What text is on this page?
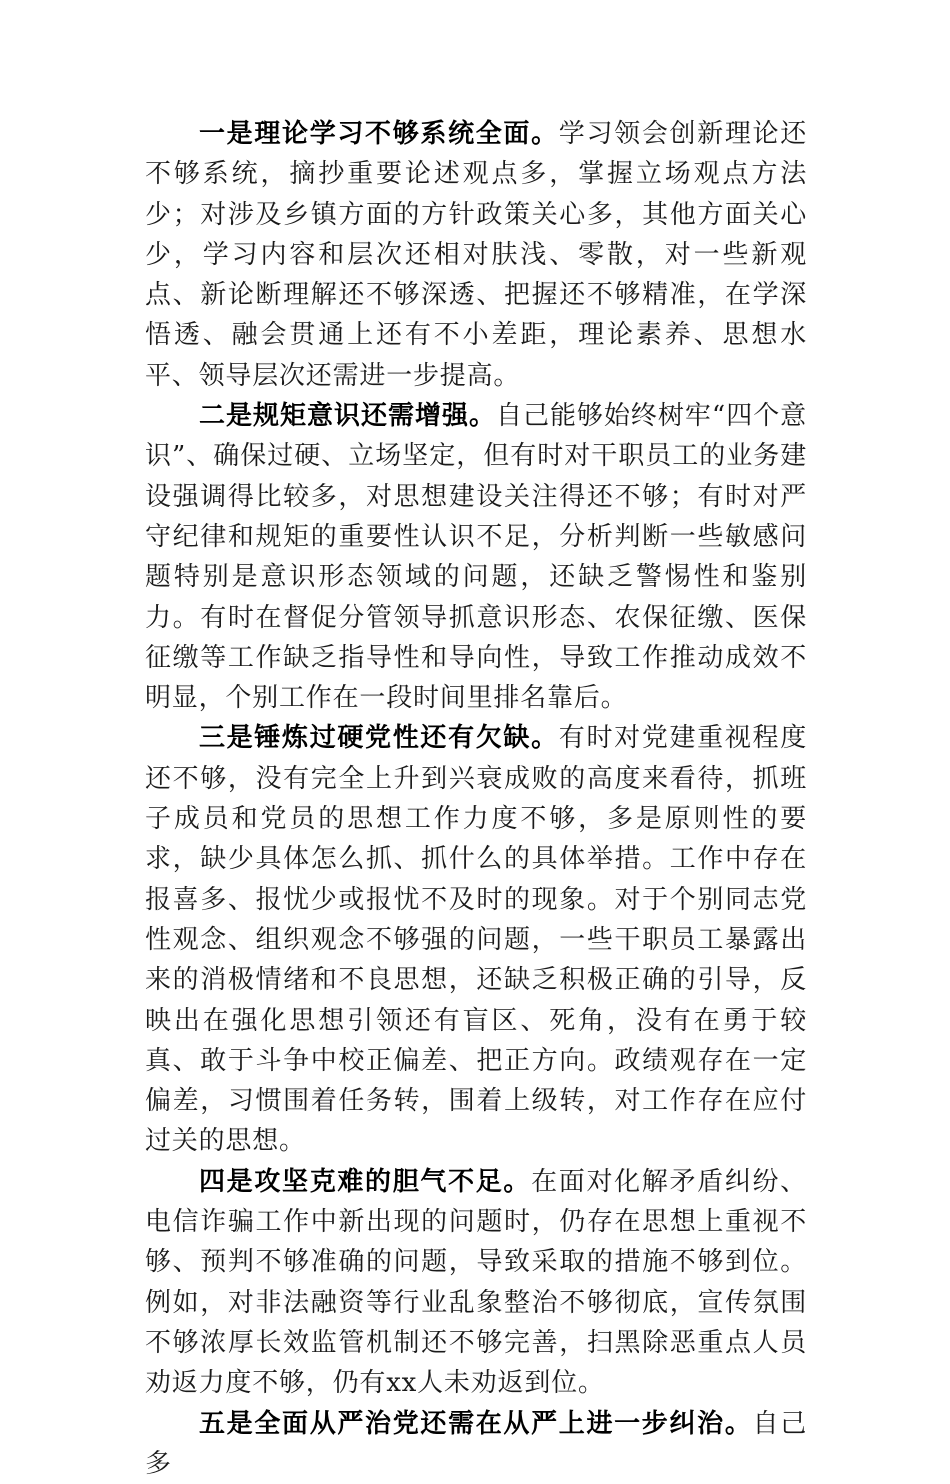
一是理论学习不够系统全面。学习领会创新理论还不够系统，摘抄重要论述观点多，掌握立场观点方法少；对涉及乡镇方面的方针政策关心多，其他方面关心少，学习内容和层次还相对肤浅、零散，对一些新观点、新论断理解还不够深透、把握还不够精准，在学深悟透、融会贯通上还有不小差距，理论素养、思想水平、领导层次还需进一步提高。

二是规矩意识还需增强。自己能够始终树牢“四个意识”、确保过硬、立场坚定，但有时对干职员工的业务建设强调得比较多，对思想建设关注得还不够；有时对严守纪律和规矩的重要性认识不足，分析判断一些敏感问题特别是意识形态领域的问题，还缺乏警惕性和鉴别力。有时在督促分管领导抓意识形态、农保征缴、医保征缴等工作缺乏指导性和导向性，导致工作推动成效不明显，个别工作在一段时间里排名靠后。

三是锤炼过硬党性还有欠缺。有时对党建重视程度还不够，没有完全上升到兴衰成败的高度来看待，抓班子成员和党员的思想工作力度不够，多是原则性的要求，缺少具体怎么抓、抓什么的具体举措。工作中存在报喜多、报忧少或报忧不及时的现象。对于个别同志党性观念、组织观念不够强的问题，一些干职员工暴露出来的消极情绪和不良思想，还缺乏积极正确的引导，反映出在强化思想引领还有盲区、死角，没有在勇于较真、敢于斗争中校正偏差、把正方向。政绩观存在一定偏差，习惯围着任务转，围着上级转，对工作存在应付过关的思想。

四是攻坚克难的胆气不足。在面对化解矛盾纠纷、电信诈骗工作中新出现的问题时，仍存在思想上重视不够、预判不够准确的问题，导致采取的措施不够到位。例如，对非法融资等行业乱象整治不够彻底，宣传氛围不够浓厚长效监管机制还不够完善，扫黑除恶重点人员劝返力度不够，仍有xx人未劝返到位。

五是全面从严治党还需在从严上进一步纠治。自己多
